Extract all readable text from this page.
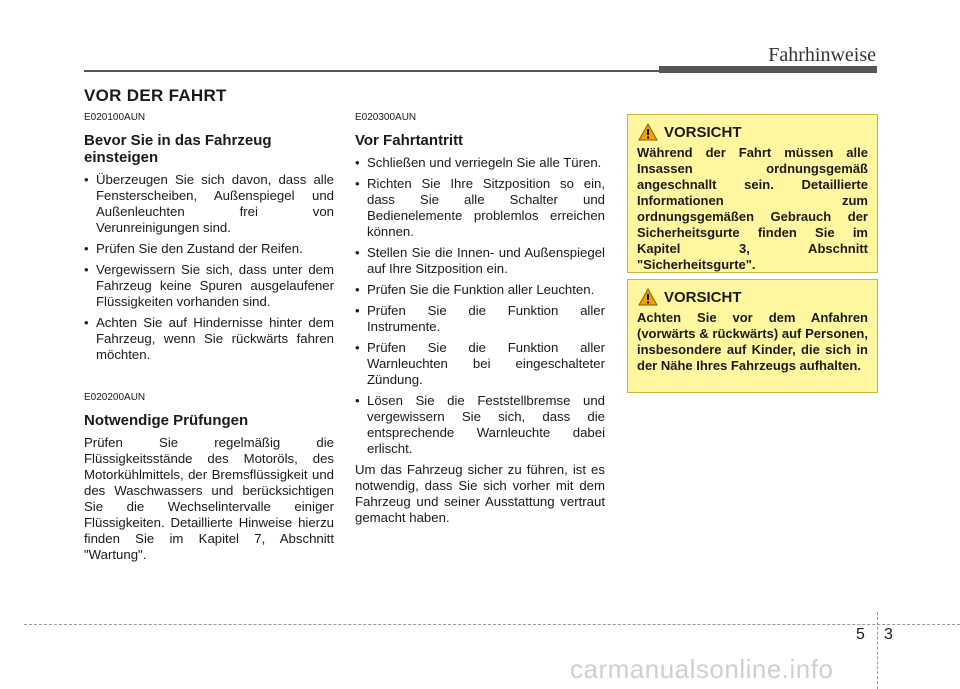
Fahrhinweise
VOR DER FAHRT
E020100AUN
Bevor Sie in das Fahrzeug einsteigen
• Überzeugen Sie sich davon, dass alle Fensterscheiben, Außenspiegel und Außenleuchten frei von Verunreinigungen sind.
• Prüfen Sie den Zustand der Reifen.
• Vergewissern Sie sich, dass unter dem Fahrzeug keine Spuren ausgelaufener Flüssigkeiten vorhanden sind.
• Achten Sie auf Hindernisse hinter dem Fahrzeug, wenn Sie rückwärts fahren möchten.
E020200AUN
Notwendige Prüfungen

Prüfen Sie regelmäßig die Flüssigkeitsstände des Motoröls, des Motorkühlmittels, der Bremsflüssigkeit und des Waschwassers und berücksichtigen Sie die Wechselintervalle einiger Flüssigkeiten. Detaillierte Hinweise hierzu finden Sie im Kapitel 7, Abschnitt "Wartung".

E020300AUN
Vor Fahrtantritt
• Schließen und verriegeln Sie alle Türen.
• Richten Sie Ihre Sitzposition so ein, dass Sie alle Schalter und Bedienelemente problemlos erreichen können.
• Stellen Sie die Innen- und Außenspiegel auf Ihre Sitzposition ein.
• Prüfen Sie die Funktion aller Leuchten.
• Prüfen Sie die Funktion aller Instrumente.
• Prüfen Sie die Funktion aller Warnleuchten bei eingeschalteter Zündung.
• Lösen Sie die Feststellbremse und vergewissern Sie sich, dass die entsprechende Warnleuchte dabei erlischt.

Um das Fahrzeug sicher zu führen, ist es notwendig, dass Sie sich vorher mit dem Fahrzeug und seiner Ausstattung vertraut gemacht haben.

VORSICHT
Während der Fahrt müssen alle Insassen ordnungsgemäß angeschnallt sein. Detaillierte Informationen zum ordnungsgemäßen Gebrauch der Sicherheitsgurte finden Sie im Kapitel 3, Abschnitt "Sicherheitsgurte".
VORSICHT
Achten Sie vor dem Anfahren (vorwärts & rückwärts) auf Personen, insbesondere auf Kinder, die sich in der Nähe Ihres Fahrzeugs aufhalten.
5 3
carmanualsonline.info
